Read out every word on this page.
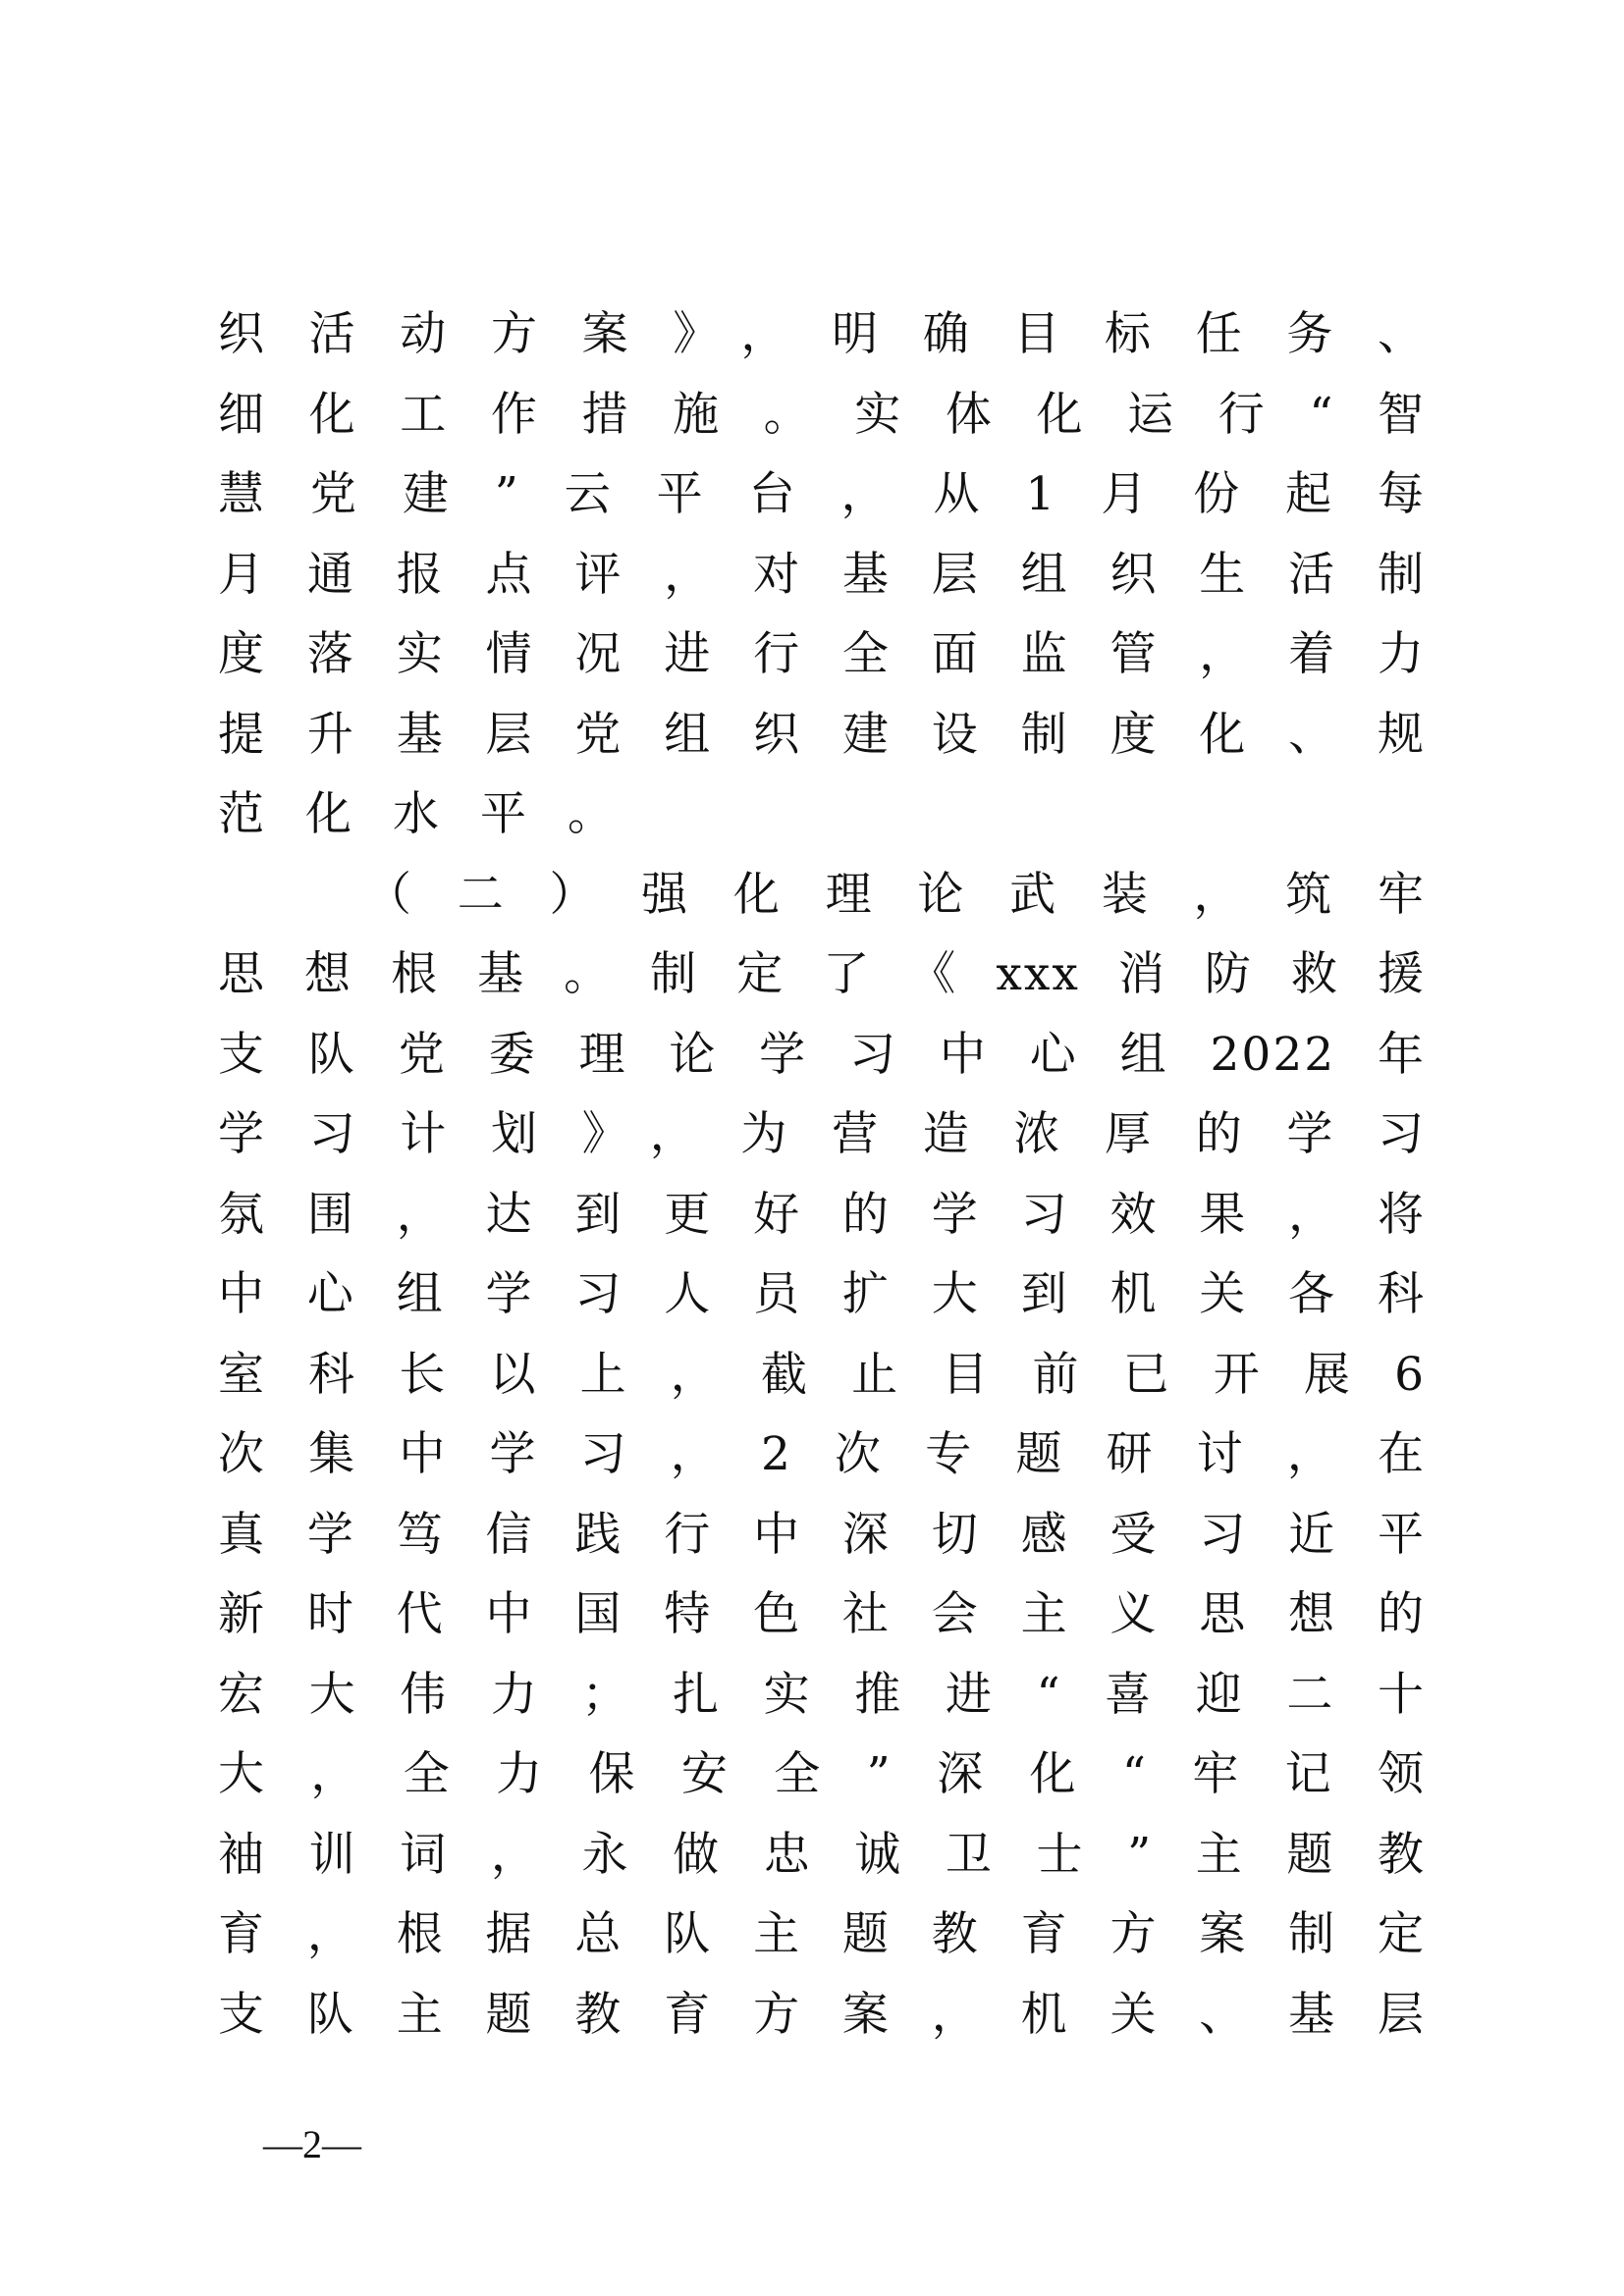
织活动方案》，明确目标任务、
细化工作措施。实体化运行“智
慧党建”云平台，从1月份起每
月通报点评，对基层组织生活制
度落实情况进行全面监管，着力
提升基层党组织建设制度化、规
范化水平。
（二）强化理论武装，筑牢
思想根基。制定了《xxx消防救援
支队党委理论学习中心组2022年
学习计划》，为营造浓厚的学习
氛围，达到更好的学习效果，将
中心组学习人员扩大到机关各科
室科长以上，截止目前已开展6
次集中学习，2次专题研讨，在
真学笃信践行中深切感受习近平
新时代中国特色社会主义思想的
宏大伟力；扎实推进“喜迎二十
大，全力保安全”深化“牢记领
袖训词，永做忠诚卫士”主题教
育，根据总队主题教育方案制定
支队主题教育方案，机关、基层
—2—
